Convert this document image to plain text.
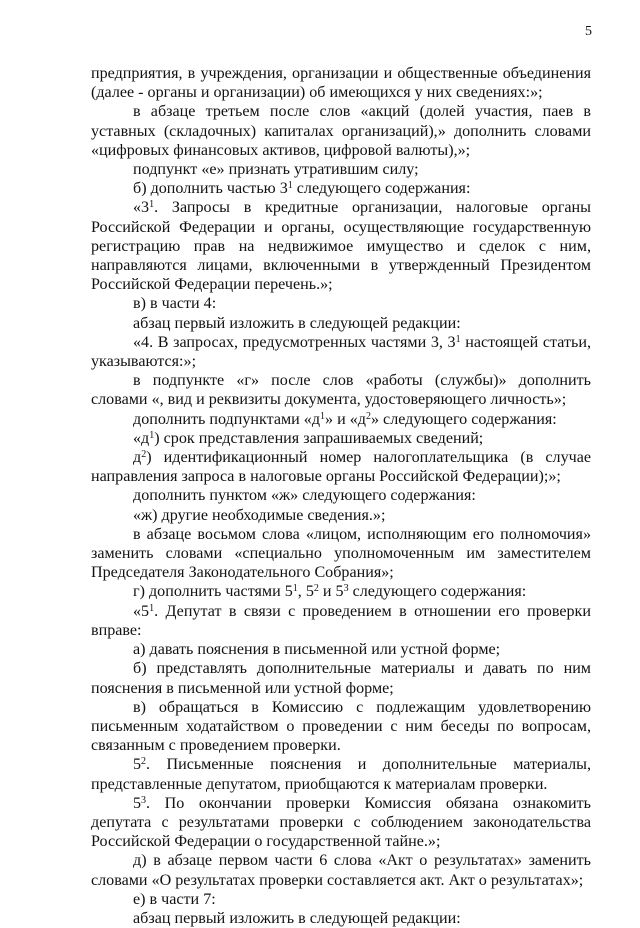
5

предприятия, в учреждения, организации и общественные объединения (далее - органы и организации) об имеющихся у них сведениях:»;

в абзаце третьем после слов «акций (долей участия, паев в уставных (складочных) капиталах организаций),» дополнить словами «цифровых финансовых активов, цифровой валюты),»;

подпункт «е» признать утратившим силу;

б) дополнить частью $3^1$ следующего содержания:

«$3^1$. Запросы в кредитные организации, налоговые органы Российской Федерации и органы, осуществляющие государственную регистрацию прав на недвижимое имущество и сделок с ним, направляются лицами, включенными в утвержденный Президентом Российской Федерации перечень.»;

в) в части 4:

абзац первый изложить в следующей редакции:

«4. В запросах, предусмотренных частями 3, $3^1$ настоящей статьи, указываются:»;

в подпункте «г» после слов «работы (службы)» дополнить словами «, вид и реквизиты документа, удостоверяющего личность»;

дополнить подпунктами «$д^1$» и «$д^2$» следующего содержания:

«$д^1$) срок представления запрашиваемых сведений;

$д^2$) идентификационный номер налогоплательщика (в случае направления запроса в налоговые органы Российской Федерации);»;

дополнить пунктом «ж» следующего содержания:

«ж) другие необходимые сведения.»;

в абзаце восьмом слова «лицом, исполняющим его полномочия» заменить словами «специально уполномоченным им заместителем Председателя Законодательного Собрания»;

г) дополнить частями $5^1$, $5^2$ и $5^3$ следующего содержания:

«$5^1$. Депутат в связи с проведением в отношении его проверки вправе:

а) давать пояснения в письменной или устной форме;

б) представлять дополнительные материалы и давать по ним пояснения в письменной или устной форме;

в) обращаться в Комиссию с подлежащим удовлетворению письменным ходатайством о проведении с ним беседы по вопросам, связанным с проведением проверки.

$5^2$. Письменные пояснения и дополнительные материалы, представленные депутатом, приобщаются к материалам проверки.

$5^3$. По окончании проверки Комиссия обязана ознакомить депутата с результатами проверки с соблюдением законодательства Российской Федерации о государственной тайне.»;

д) в абзаце первом части 6 слова «Акт о результатах» заменить словами «О результатах проверки составляется акт. Акт о результатах»;

е) в части 7:

абзац первый изложить в следующей редакции:
